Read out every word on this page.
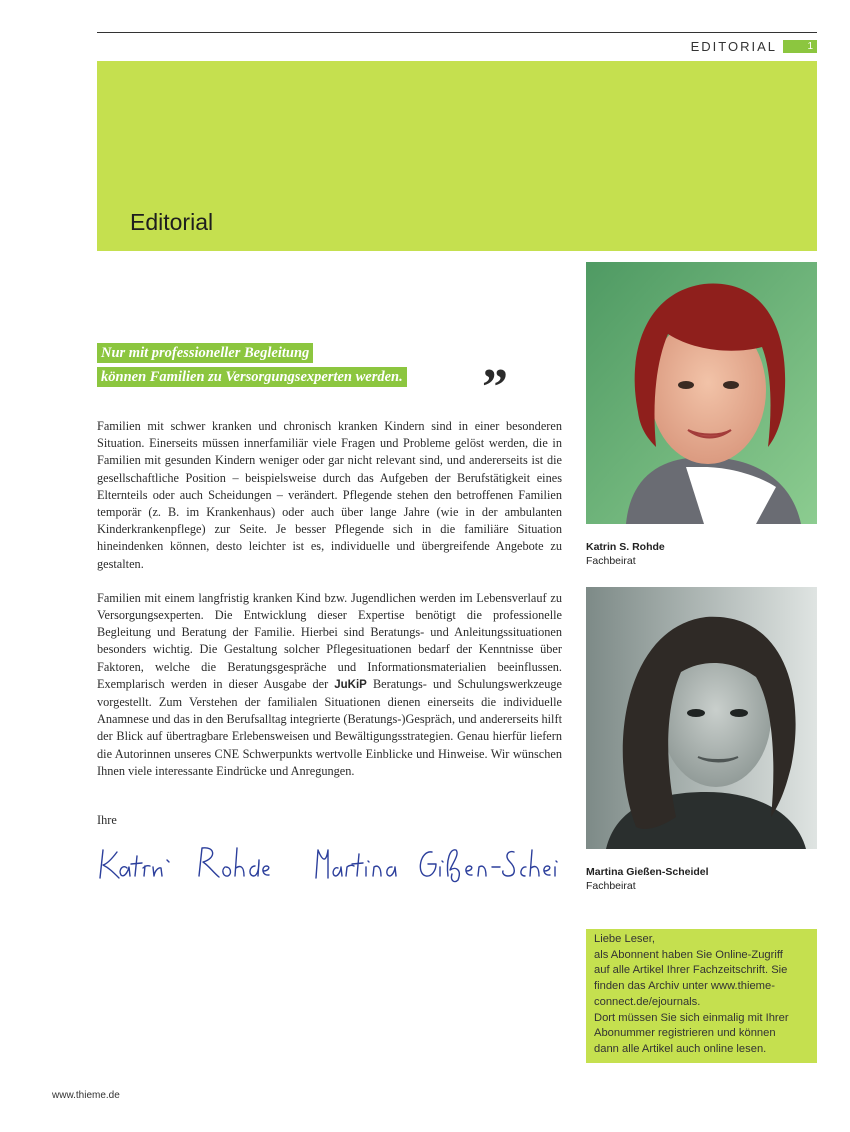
EDITORIAL	1
Editorial
Nur mit professioneller Begleitung
können Familien zu Versorgungsexperten werden. ”

Familien mit schwer kranken und chronisch kranken Kindern sind in einer besonderen Situation. Einerseits müssen innerfamiliär viele Fragen und Probleme gelöst werden, die in Familien mit gesunden Kindern weniger oder gar nicht relevant sind, und andererseits ist die gesellschaftliche Position – beispielsweise durch das Aufgeben der Berufstätigkeit eines Elternteils oder auch Scheidungen – verändert. Pflegende stehen den betroffenen Familien temporär (z. B. im Krankenhaus) oder auch über lange Jahre (wie in der ambulanten Kinderkrankenpflege) zur Seite. Je besser Pflegende sich in die familiäre Situation hineindenken können, desto leichter ist es, individuelle und übergreifende Angebote zu gestalten.

Familien mit einem langfristig kranken Kind bzw. Jugendlichen werden im Lebensverlauf zu Versorgungsexperten. Die Entwicklung dieser Expertise benötigt die professionelle Begleitung und Beratung der Familie. Hierbei sind Beratungs- und Anleitungssituationen besonders wichtig. Die Gestaltung solcher Pflegesituationen bedarf der Kenntnisse über Faktoren, welche die Beratungsgespräche und Informationsmaterialien beeinflussen. Exemplarisch werden in dieser Ausgabe der JuKiP Beratungs- und Schulungswerkzeuge vorgestellt. Zum Verstehen der familialen Situationen dienen einerseits die individuelle Anamnese und das in den Berufsalltag integrierte (Beratungs-)Gespräch, und andererseits hilft der Blick auf übertragbare Erlebensweisen und Bewältigungsstrategien. Genau hierfür liefern die Autorinnen unseres CNE Schwerpunkts wertvolle Einblicke und Hinweise. Wir wünschen Ihnen viele interessante Eindrücke und Anregungen.

Ihre
Katrin S. Rohde
Fachbeirat
Martina Gießen-Scheidel
Fachbeirat
Liebe Leser,
als Abonnent haben Sie Online-Zugriff
auf alle Artikel Ihrer Fachzeitschrift. Sie
finden das Archiv unter www.thieme-
connect.de/ejournals.
Dort müssen Sie sich einmalig mit Ihrer
Abonummer registrieren und können
dann alle Artikel auch online lesen.
www.thieme.de
